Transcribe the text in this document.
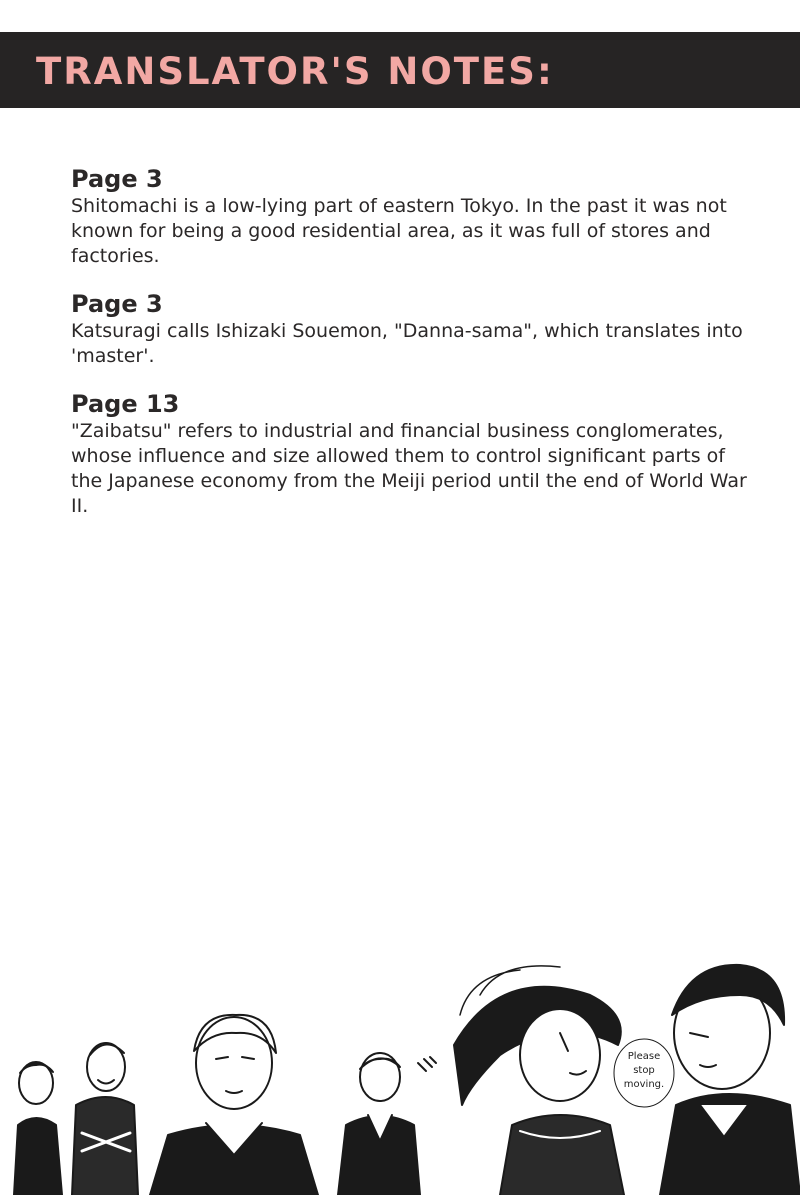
TRANSLATOR'S NOTES:
Page 3

Shitomachi is a low-lying part of eastern Tokyo. In the past it was not known for being a good residential area, as it was full of stores and factories.

Page 3

Katsuragi calls Ishizaki Souemon, "Danna-sama", which translates into 'master'.

Page 13

"Zaibatsu" refers to industrial and financial business conglomerates, whose influence and size allowed them to control significant parts of the Japanese economy from the Meiji period until the end of World War II.

Please
stop
moving.
